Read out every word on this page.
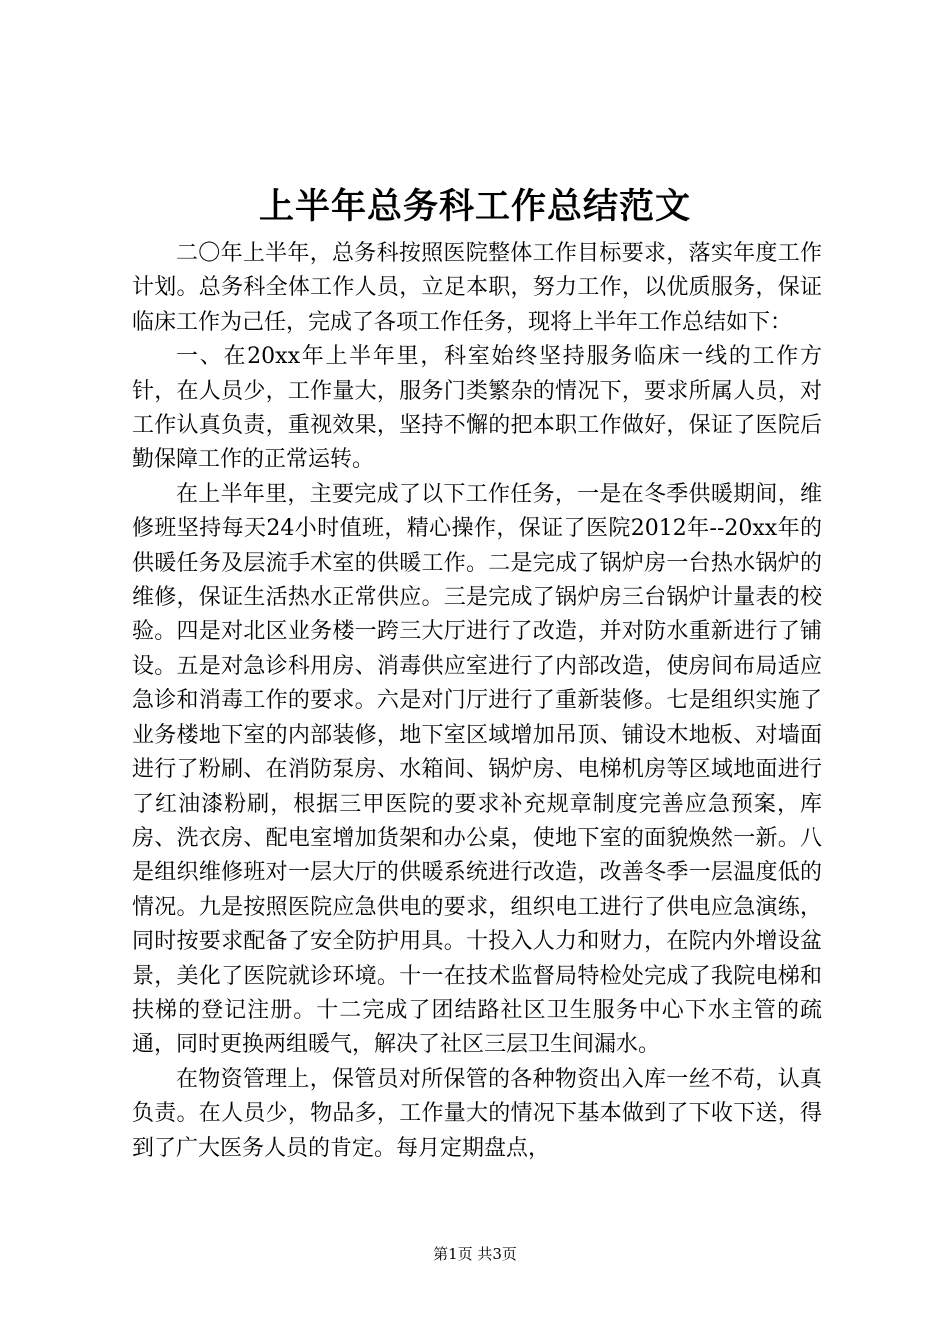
上半年总务科工作总结范文

二〇年上半年，总务科按照医院整体工作目标要求，落实年度工作计划。总务科全体工作人员，立足本职，努力工作，以优质服务，保证临床工作为己任，完成了各项工作任务，现将上半年工作总结如下：

一、在20xx年上半年里，科室始终坚持服务临床一线的工作方针，在人员少，工作量大，服务门类繁杂的情况下，要求所属人员，对工作认真负责，重视效果，坚持不懈的把本职工作做好，保证了医院后勤保障工作的正常运转。

在上半年里，主要完成了以下工作任务，一是在冬季供暖期间，维修班坚持每天24小时值班，精心操作，保证了医院2012年--20xx年的供暖任务及层流手术室的供暖工作。二是完成了锅炉房一台热水锅炉的维修，保证生活热水正常供应。三是完成了锅炉房三台锅炉计量表的校验。四是对北区业务楼一跨三大厅进行了改造，并对防水重新进行了铺设。五是对急诊科用房、消毒供应室进行了内部改造，使房间布局适应急诊和消毒工作的要求。六是对门厅进行了重新装修。七是组织实施了业务楼地下室的内部装修，地下室区域增加吊顶、铺设木地板、对墙面进行了粉刷、在消防泵房、水箱间、锅炉房、电梯机房等区域地面进行了红油漆粉刷，根据三甲医院的要求补充规章制度完善应急预案，库房、洗衣房、配电室增加货架和办公桌，使地下室的面貌焕然一新。八是组织维修班对一层大厅的供暖系统进行改造，改善冬季一层温度低的情况。九是按照医院应急供电的要求，组织电工进行了供电应急演练，同时按要求配备了安全防护用具。十投入人力和财力，在院内外增设盆景，美化了医院就诊环境。十一在技术监督局特检处完成了我院电梯和扶梯的登记注册。十二完成了团结路社区卫生服务中心下水主管的疏通，同时更换两组暖气，解决了社区三层卫生间漏水。

在物资管理上，保管员对所保管的各种物资出入库一丝不苟，认真负责。在人员少，物品多，工作量大的情况下基本做到了下收下送，得到了广大医务人员的肯定。每月定期盘点，

第1页 共3页
